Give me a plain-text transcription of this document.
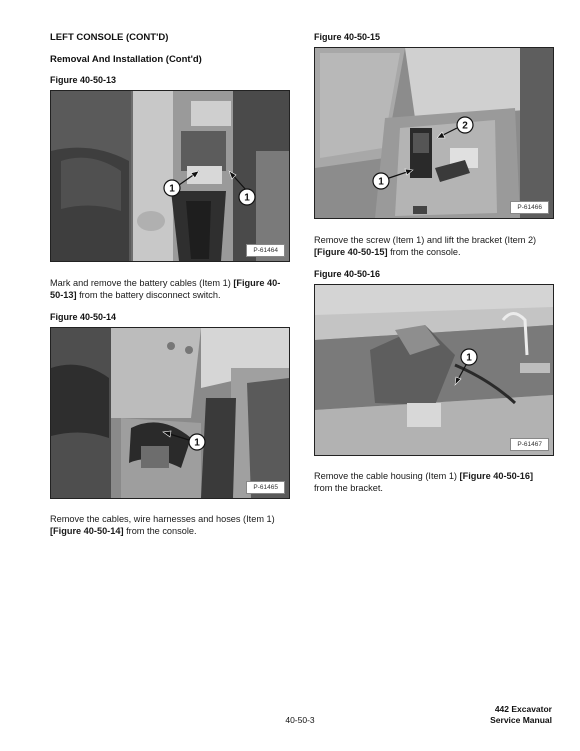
LEFT CONSOLE (CONT'D)
Removal And Installation (Cont'd)
Figure 40-50-13
P-61464
1
1
Mark and remove the battery cables (Item 1) [Figure 40-
50-13] from the battery disconnect switch.
Figure 40-50-14
P-61465
1
Remove the cables, wire harnesses and hoses (Item 1)
[Figure 40-50-14] from the console.
Figure 40-50-15
P-61466
1
2
Remove the screw (Item 1) and lift the bracket (Item 2)
[Figure 40-50-15] from the console.
Figure 40-50-16
P-61467
1
Remove the cable housing (Item 1) [Figure 40-50-16]
from the bracket.
40-50-3
442 Excavator
Service Manual
